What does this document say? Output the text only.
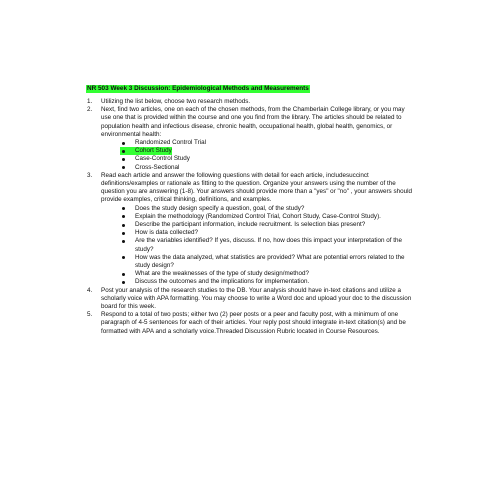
NR 503 Week 3 Discussion: Epidemiological Methods and Measurements
1. Utilizing the list below, choose two research methods.
2. Next, find two articles, one on each of the chosen methods, from the Chamberlain College library, or you may use one that is provided within the course and one you find from the library. The articles should be related to population health and infectious disease, chronic health, occupational health, global health, genomics, or environmental health:
Randomized Control Trial
Cohort Study
Case-Control Study
Cross-Sectional
3. Read each article and answer the following questions with detail for each article, includesuccinct definitions/examples or rationale as fitting to the question. Organize your answers using the number of the question you are answering (1-8). Your answers should provide more than a "yes" or "no" , your answers should provide examples, critical thinking, definitions, and examples.
Does the study design specify a question, goal, of the study?
Explain the methodology (Randomized Control Trial, Cohort Study, Case-Control Study).
Describe the participant information, include recruitment. Is selection bias present?
How is data collected?
Are the variables identified? If yes, discuss. If no, how does this impact your interpretation of the study?
How was the data analyzed, what statistics are provided? What are potential errors related to the study design?
What are the weaknesses of the type of study design/method?
Discuss the outcomes and the implications for implementation.
4. Post your analysis of the research studies to the DB. Your analysis should have in-text citations and utilize a scholarly voice with APA formatting. You may choose to write a Word doc and upload your doc to the discussion board for this week.
5. Respond to a total of two posts; either two (2) peer posts or a peer and faculty post, with a minimum of one paragraph of 4-5 sentences for each of their articles. Your reply post should integrate in-text citation(s) and be formatted with APA and a scholarly voice.Threaded Discussion Rubric located in Course Resources.
